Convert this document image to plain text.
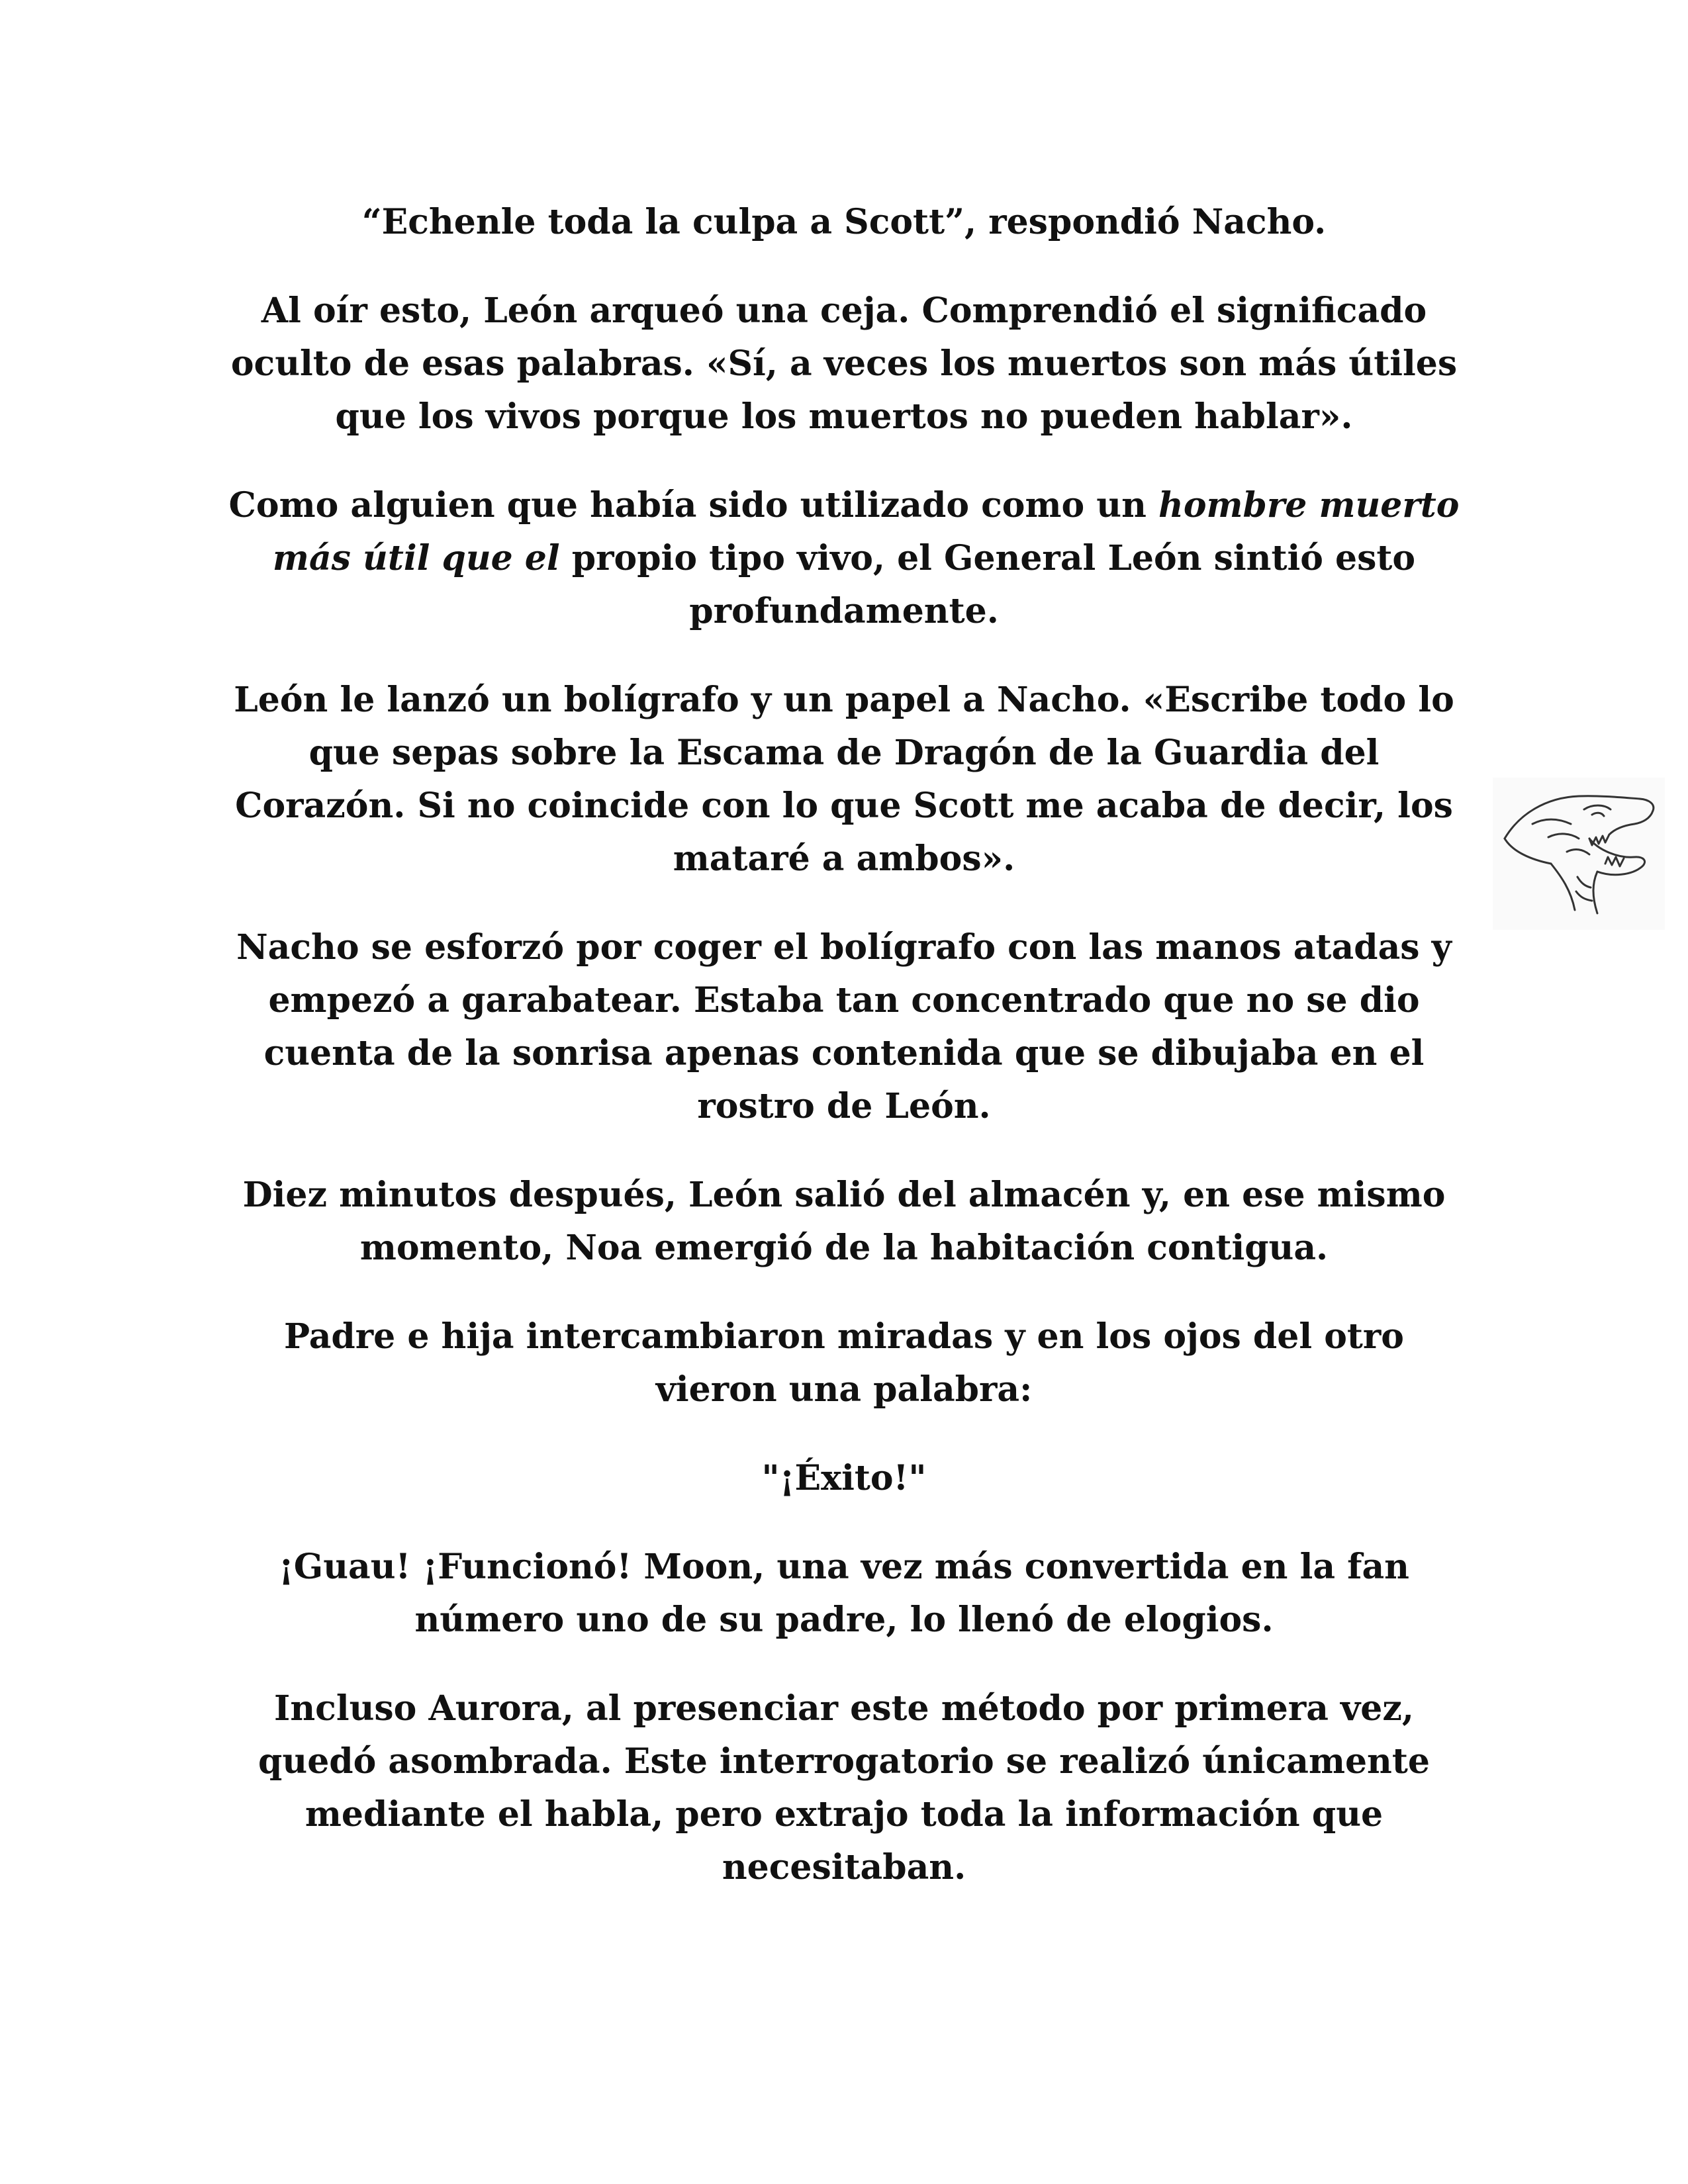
“Echenle toda la culpa a Scott”, respondió Nacho.

Al oír esto, León arqueó una ceja. Comprendió el significado oculto de esas palabras. «Sí, a veces los muertos son más útiles que los vivos porque los muertos no pueden hablar».

Como alguien que había sido utilizado como un hombre muerto más útil que el propio tipo vivo, el General León sintió esto profundamente.

León le lanzó un bolígrafo y un papel a Nacho. «Escribe todo lo que sepas sobre la Escama de Dragón de la Guardia del Corazón. Si no coincide con lo que Scott me acaba de decir, los mataré a ambos».

Nacho se esforzó por coger el bolígrafo con las manos atadas y empezó a garabatear. Estaba tan concentrado que no se dio cuenta de la sonrisa apenas contenida que se dibujaba en el rostro de León.

Diez minutos después, León salió del almacén y, en ese mismo momento, Noa emergió de la habitación contigua.

Padre e hija intercambiaron miradas y en los ojos del otro vieron una palabra:

"¡Éxito!"

¡Guau! ¡Funcionó! Moon, una vez más convertida en la fan número uno de su padre, lo llenó de elogios.

Incluso Aurora, al presenciar este método por primera vez, quedó asombrada. Este interrogatorio se realizó únicamente mediante el habla, pero extrajo toda la información que necesitaban.
